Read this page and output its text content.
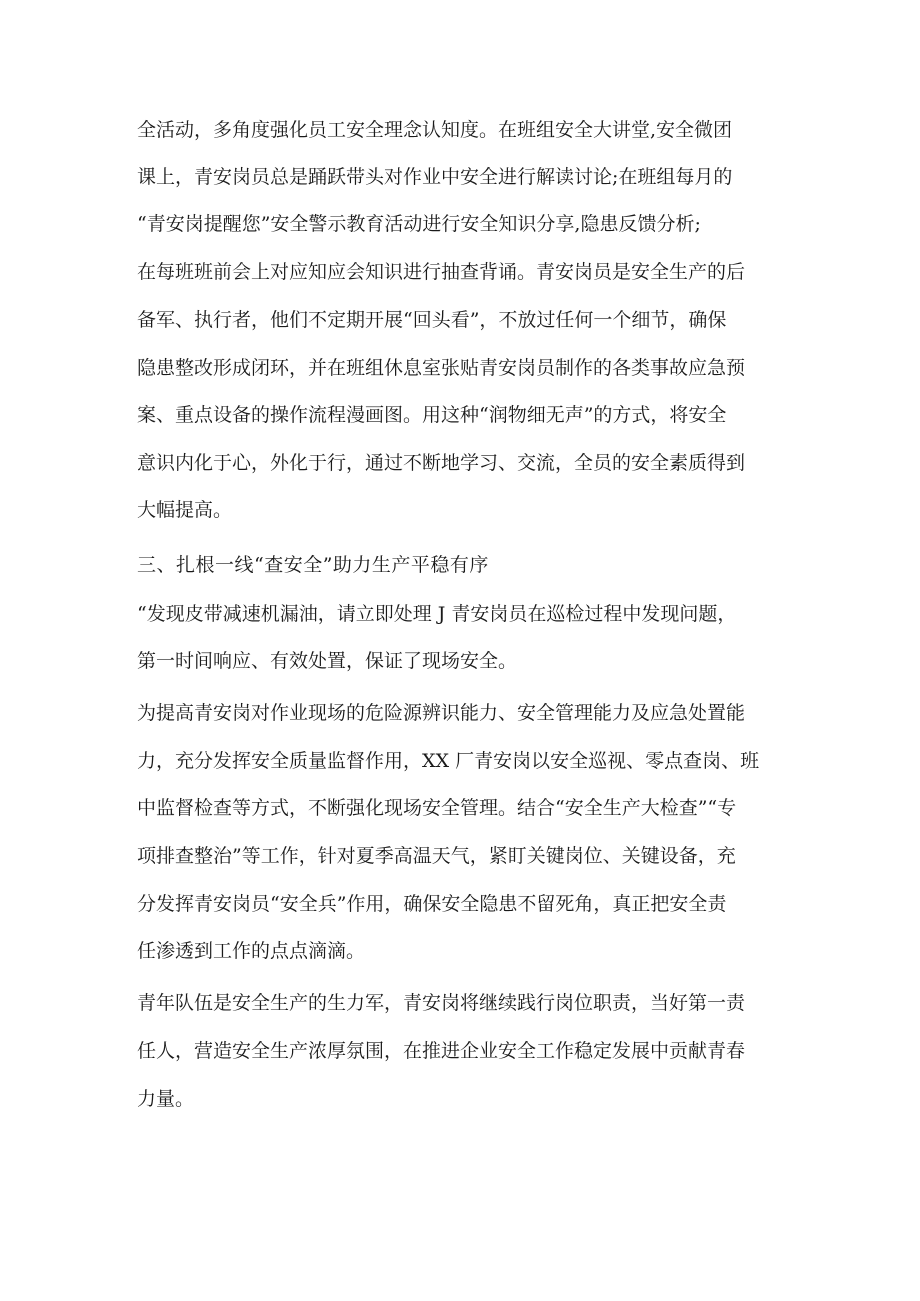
全活动，多角度强化员工安全理念认知度。在班组安全大讲堂,安全微团
课上，青安岗员总是踊跃带头对作业中安全进行解读讨论;在班组每月的
“青安岗提醒您”安全警示教育活动进行安全知识分享,隐患反馈分析;
在每班班前会上对应知应会知识进行抽查背诵。青安岗员是安全生产的后
备军、执行者，他们不定期开展“回头看”，不放过任何一个细节，确保
隐患整改形成闭环，并在班组休息室张贴青安岗员制作的各类事故应急预
案、重点设备的操作流程漫画图。用这种“润物细无声”的方式，将安全
意识内化于心，外化于行，通过不断地学习、交流，全员的安全素质得到
大幅提高。
三、扎根一线“查安全”助力生产平稳有序
“发现皮带减速机漏油，请立即处理 J 青安岗员在巡检过程中发现问题，
第一时间响应、有效处置，保证了现场安全。
为提高青安岗对作业现场的危险源辨识能力、安全管理能力及应急处置能
力，充分发挥安全质量监督作用，XX 厂青安岗以安全巡视、零点查岗、班
中监督检查等方式，不断强化现场安全管理。结合“安全生产大检查”“专
项排查整治”等工作，针对夏季高温天气，紧盯关键岗位、关键设备，充
分发挥青安岗员“安全兵”作用，确保安全隐患不留死角，真正把安全责
任渗透到工作的点点滴滴。
青年队伍是安全生产的生力军，青安岗将继续践行岗位职责，当好第一责
任人，营造安全生产浓厚氛围，在推进企业安全工作稳定发展中贡献青春
力量。
